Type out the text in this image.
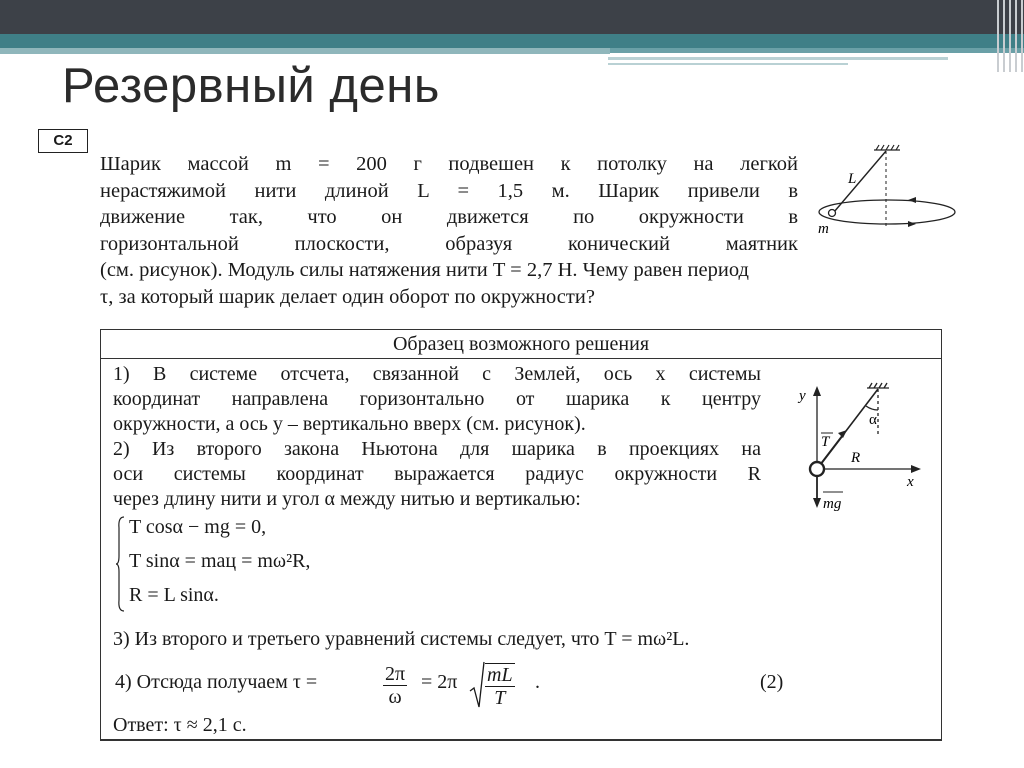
Резервный день
С2
Шарик массой m = 200 г подвешен к потолку на легкой
нерастяжимой нити длиной L = 1,5 м. Шарик привели в
движение так, что он движется по окружности в
горизонтальной плоскости, образуя конический маятник
(см. рисунок). Модуль силы натяжения нити T = 2,7 Н. Чему равен период
τ, за который шарик делает один оборот по окружности?
L
m
Образец возможного решения
1) В системе отсчета, связанной с Землей, ось x системы
координат направлена горизонтально от шарика к центру
окружности, а ось y – вертикально вверх (см. рисунок).
2) Из второго закона Ньютона для шарика в проекциях на
оси системы координат выражается радиус окружности R
через длину нити и угол α между нитью и вертикалью:
y
x
T
α
R
mg
T cosα − mg = 0,
T sinα = maц = mω²R,
R = L sinα.
3) Из второго и третьего уравнений системы следует, что T = mω²L.
4) Отсюда получаем τ =	$\frac{2\pi}{\omega} = 2\pi \frac{mL}{T}$ .	(2)
Ответ: τ ≈ 2,1 с.
